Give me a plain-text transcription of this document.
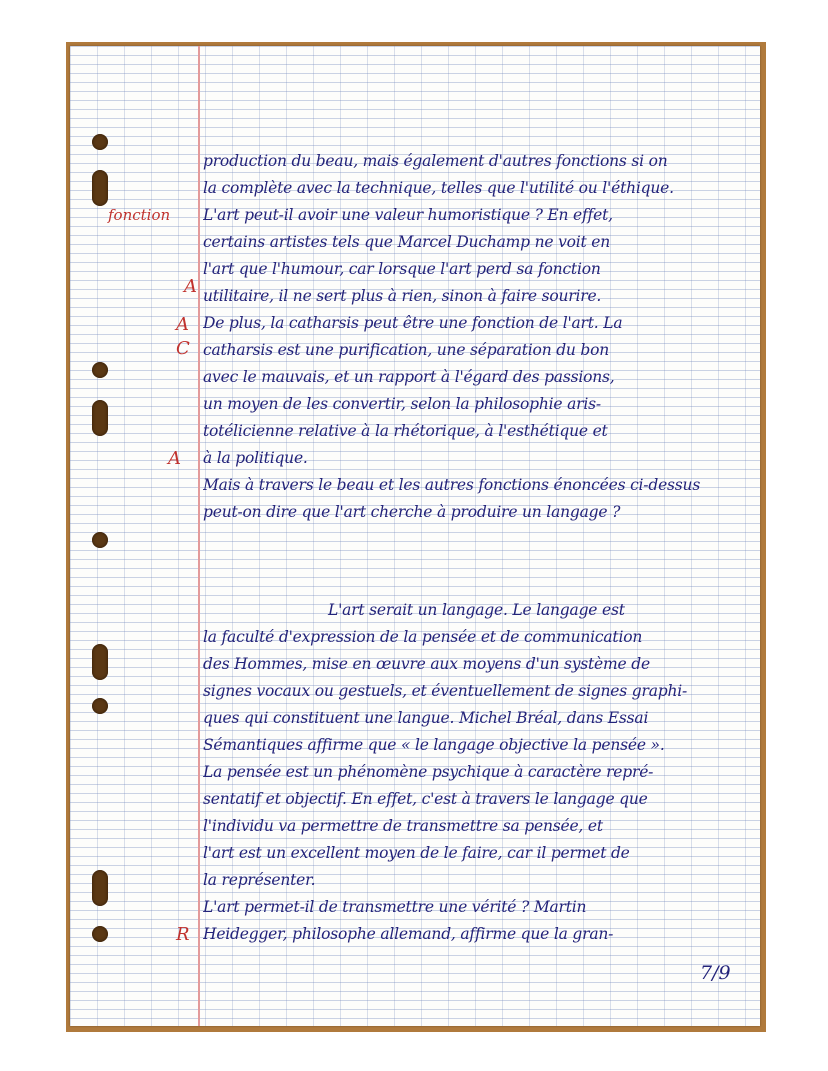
fonction
A
A
C
A
R
production du beau, mais également d'autres fonctions si on
la complète avec la technique, telles que l'utilité ou l'éthique.
L'art peut-il avoir une valeur humoristique ? En effet,
certains artistes tels que Marcel Duchamp ne voit en
l'art que l'humour, car lorsque l'art perd sa fonction
utilitaire, il ne sert plus à rien, sinon à faire sourire.
De plus, la catharsis peut être une fonction de l'art. La
catharsis est une purification, une séparation du bon
avec le mauvais, et un rapport à l'égard des passions,
un moyen de les convertir, selon la philosophie aris-
totélicienne relative à la rhétorique, à l'esthétique et
à la politique.
Mais à travers le beau et les autres fonctions énoncées ci-dessus
peut-on dire que l'art cherche à produire un langage ?
L'art serait un langage. Le langage est
la faculté d'expression de la pensée et de communication
des Hommes, mise en œuvre aux moyens d'un système de
signes vocaux ou gestuels, et éventuellement de signes graphi-
ques qui constituent une langue. Michel Bréal, dans Essai
Sémantiques affirme que « le langage objective la pensée ».
La pensée est un phénomène psychique à caractère repré-
sentatif et objectif. En effet, c'est à travers le langage que
l'individu va permettre de transmettre sa pensée, et
l'art est un excellent moyen de le faire, car il permet de
la représenter.
L'art permet-il de transmettre une vérité ? Martin
Heidegger, philosophe allemand, affirme que la gran-
7/9
